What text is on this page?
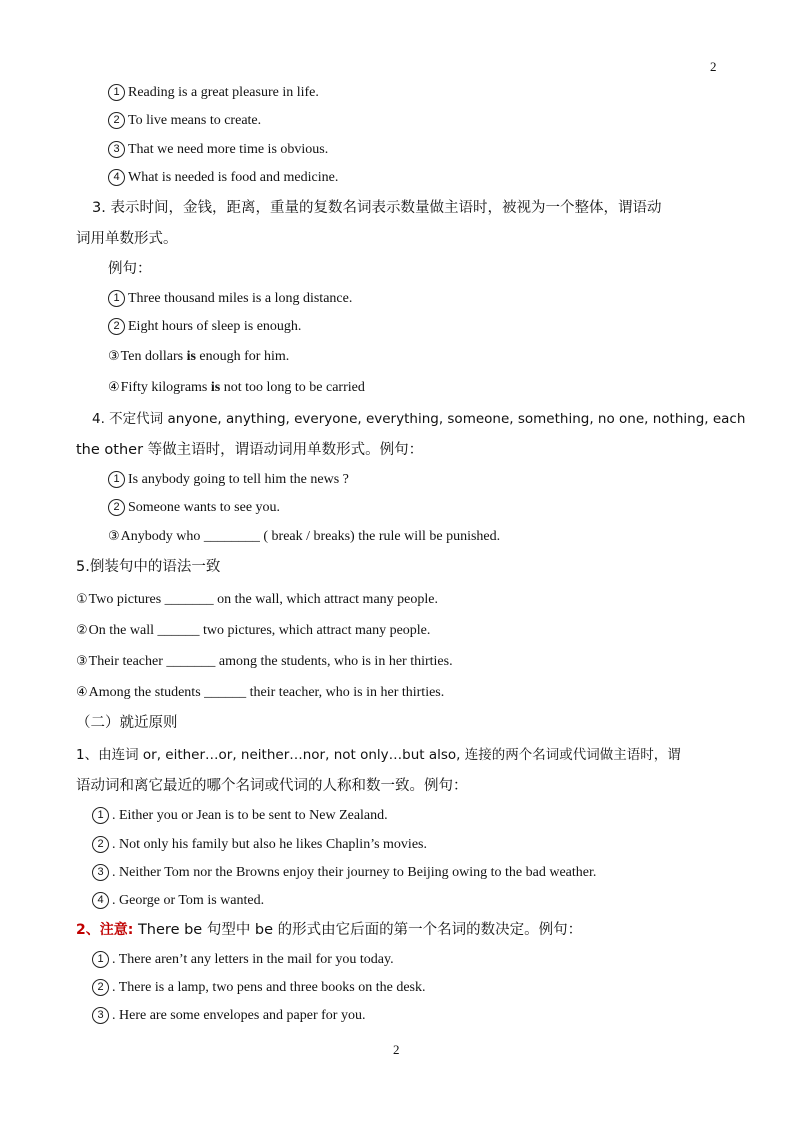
2
1 Reading is a great pleasure in life.
2 To live means to create.
3 That we need more time is obvious.
4 What is needed is food and medicine.
3. 表示时间，金钱，距离，重量的复数名词表示数量做主语时，被视为一个整体，谓语动
词用单数形式。
例句：
1 Three thousand miles is a long distance.
2 Eight hours of sleep is enough.
③Ten dollars is enough for him.
④Fifty kilograms is not too long to be carried
4. 不定代词 anyone, anything, everyone, everything, someone, something, no one, nothing, each
the other 等做主语时，谓语动词用单数形式。例句：
1 Is anybody going to tell him the news ?
2 Someone wants to see you.
③Anybody who ________ ( break / breaks) the rule will be punished.
5.倒装句中的语法一致
①Two pictures _______ on the wall, which attract many people.
②On the wall ______ two pictures, which attract many people.
③Their teacher _______ among the students, who is in her thirties.
④Among the students ______ their teacher, who is in her thirties.
（二）就近原则
1、由连词 or, either…or, neither…nor, not only…but also, 连接的两个名词或代词做主语时，谓
语动词和离它最近的哪个名词或代词的人称和数一致。例句：
1 . Either you or Jean is to be sent to New Zealand.
2 . Not only his family but also he likes Chaplin’s movies.
3 . Neither Tom nor the Browns enjoy their journey to Beijing owing to the bad weather.
4 . George or Tom is wanted.
2、注意: There be 句型中 be 的形式由它后面的第一个名词的数决定。例句：
1 . There aren’t any letters in the mail for you today.
2 . There is a lamp, two pens and three books on the desk.
3 . Here are some envelopes and paper for you.
2
